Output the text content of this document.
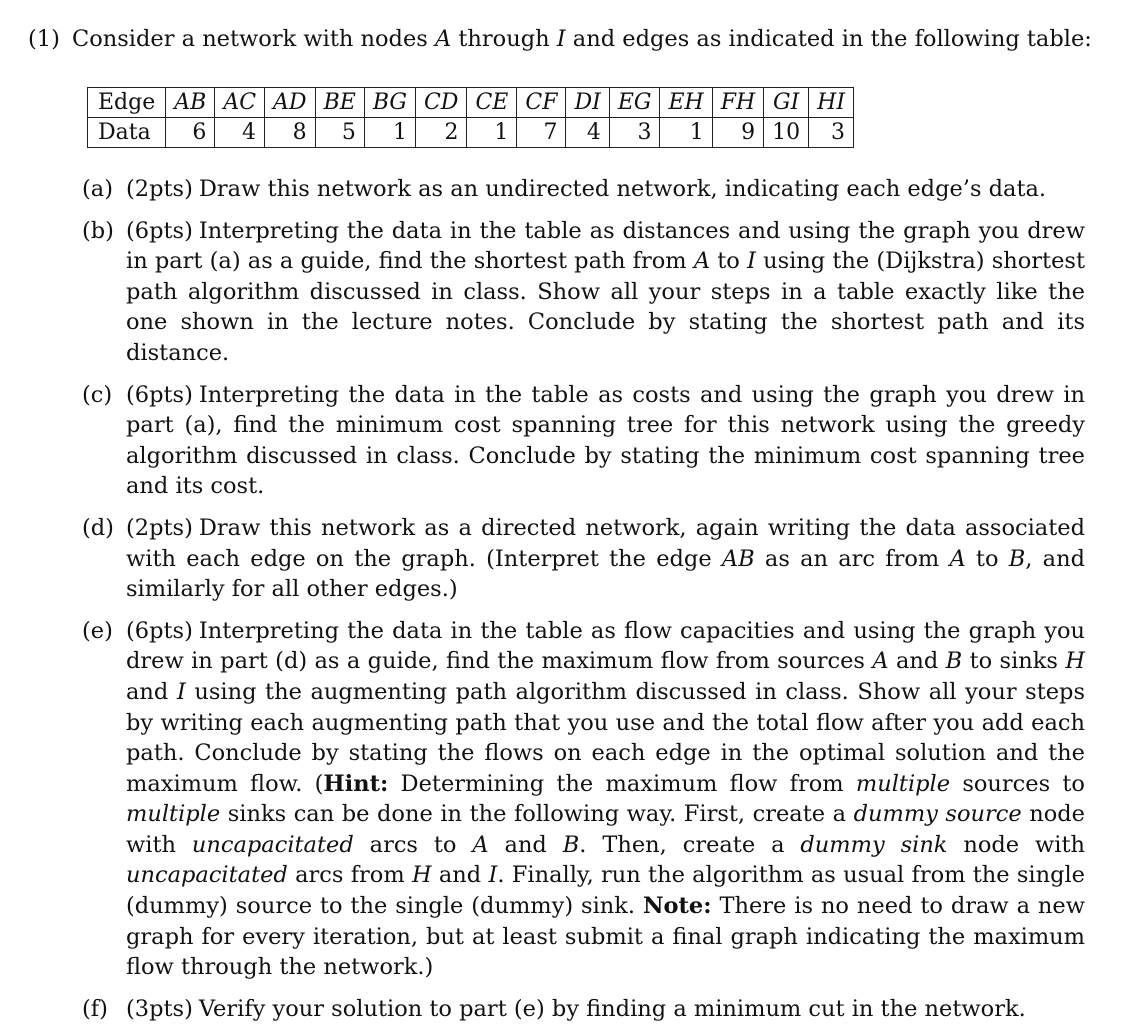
(1) Consider a network with nodes A through I and edges as indicated in the following table:
Edge	AB	AC	AD	BE	BG	CD	CE	CF	DI	EG	EH	FH	GI	HI
Data	6	4	8	5	1	2	1	7	4	3	1	9	10	3
(a) (2pts) Draw this network as an undirected network, indicating each edge’s data.
(b) (6pts) Interpreting the data in the table as distances and using the graph you drew in part (a) as a guide, find the shortest path from A to I using the (Dijkstra) shortest path algorithm discussed in class. Show all your steps in a table exactly like the one shown in the lecture notes. Conclude by stating the shortest path and its distance.
(c) (6pts) Interpreting the data in the table as costs and using the graph you drew in part (a), find the minimum cost spanning tree for this network using the greedy algorithm discussed in class. Conclude by stating the minimum cost spanning tree and its cost.
(d) (2pts) Draw this network as a directed network, again writing the data associated with each edge on the graph. (Interpret the edge AB as an arc from A to B, and similarly for all other edges.)
(e) (6pts) Interpreting the data in the table as flow capacities and using the graph you drew in part (d) as a guide, find the maximum flow from sources A and B to sinks H and I using the augmenting path algorithm discussed in class. Show all your steps by writing each augmenting path that you use and the total flow after you add each path. Conclude by stating the flows on each edge in the optimal solution and the maximum flow. (Hint: Determining the maximum flow from multiple sources to multiple sinks can be done in the following way. First, create a dummy source node with uncapacitated arcs to A and B. Then, create a dummy sink node with uncapacitated arcs from H and I. Finally, run the algorithm as usual from the single (dummy) source to the single (dummy) sink. Note: There is no need to draw a new graph for every iteration, but at least submit a final graph indicating the maximum flow through the network.)
(f) (3pts) Verify your solution to part (e) by finding a minimum cut in the network.
